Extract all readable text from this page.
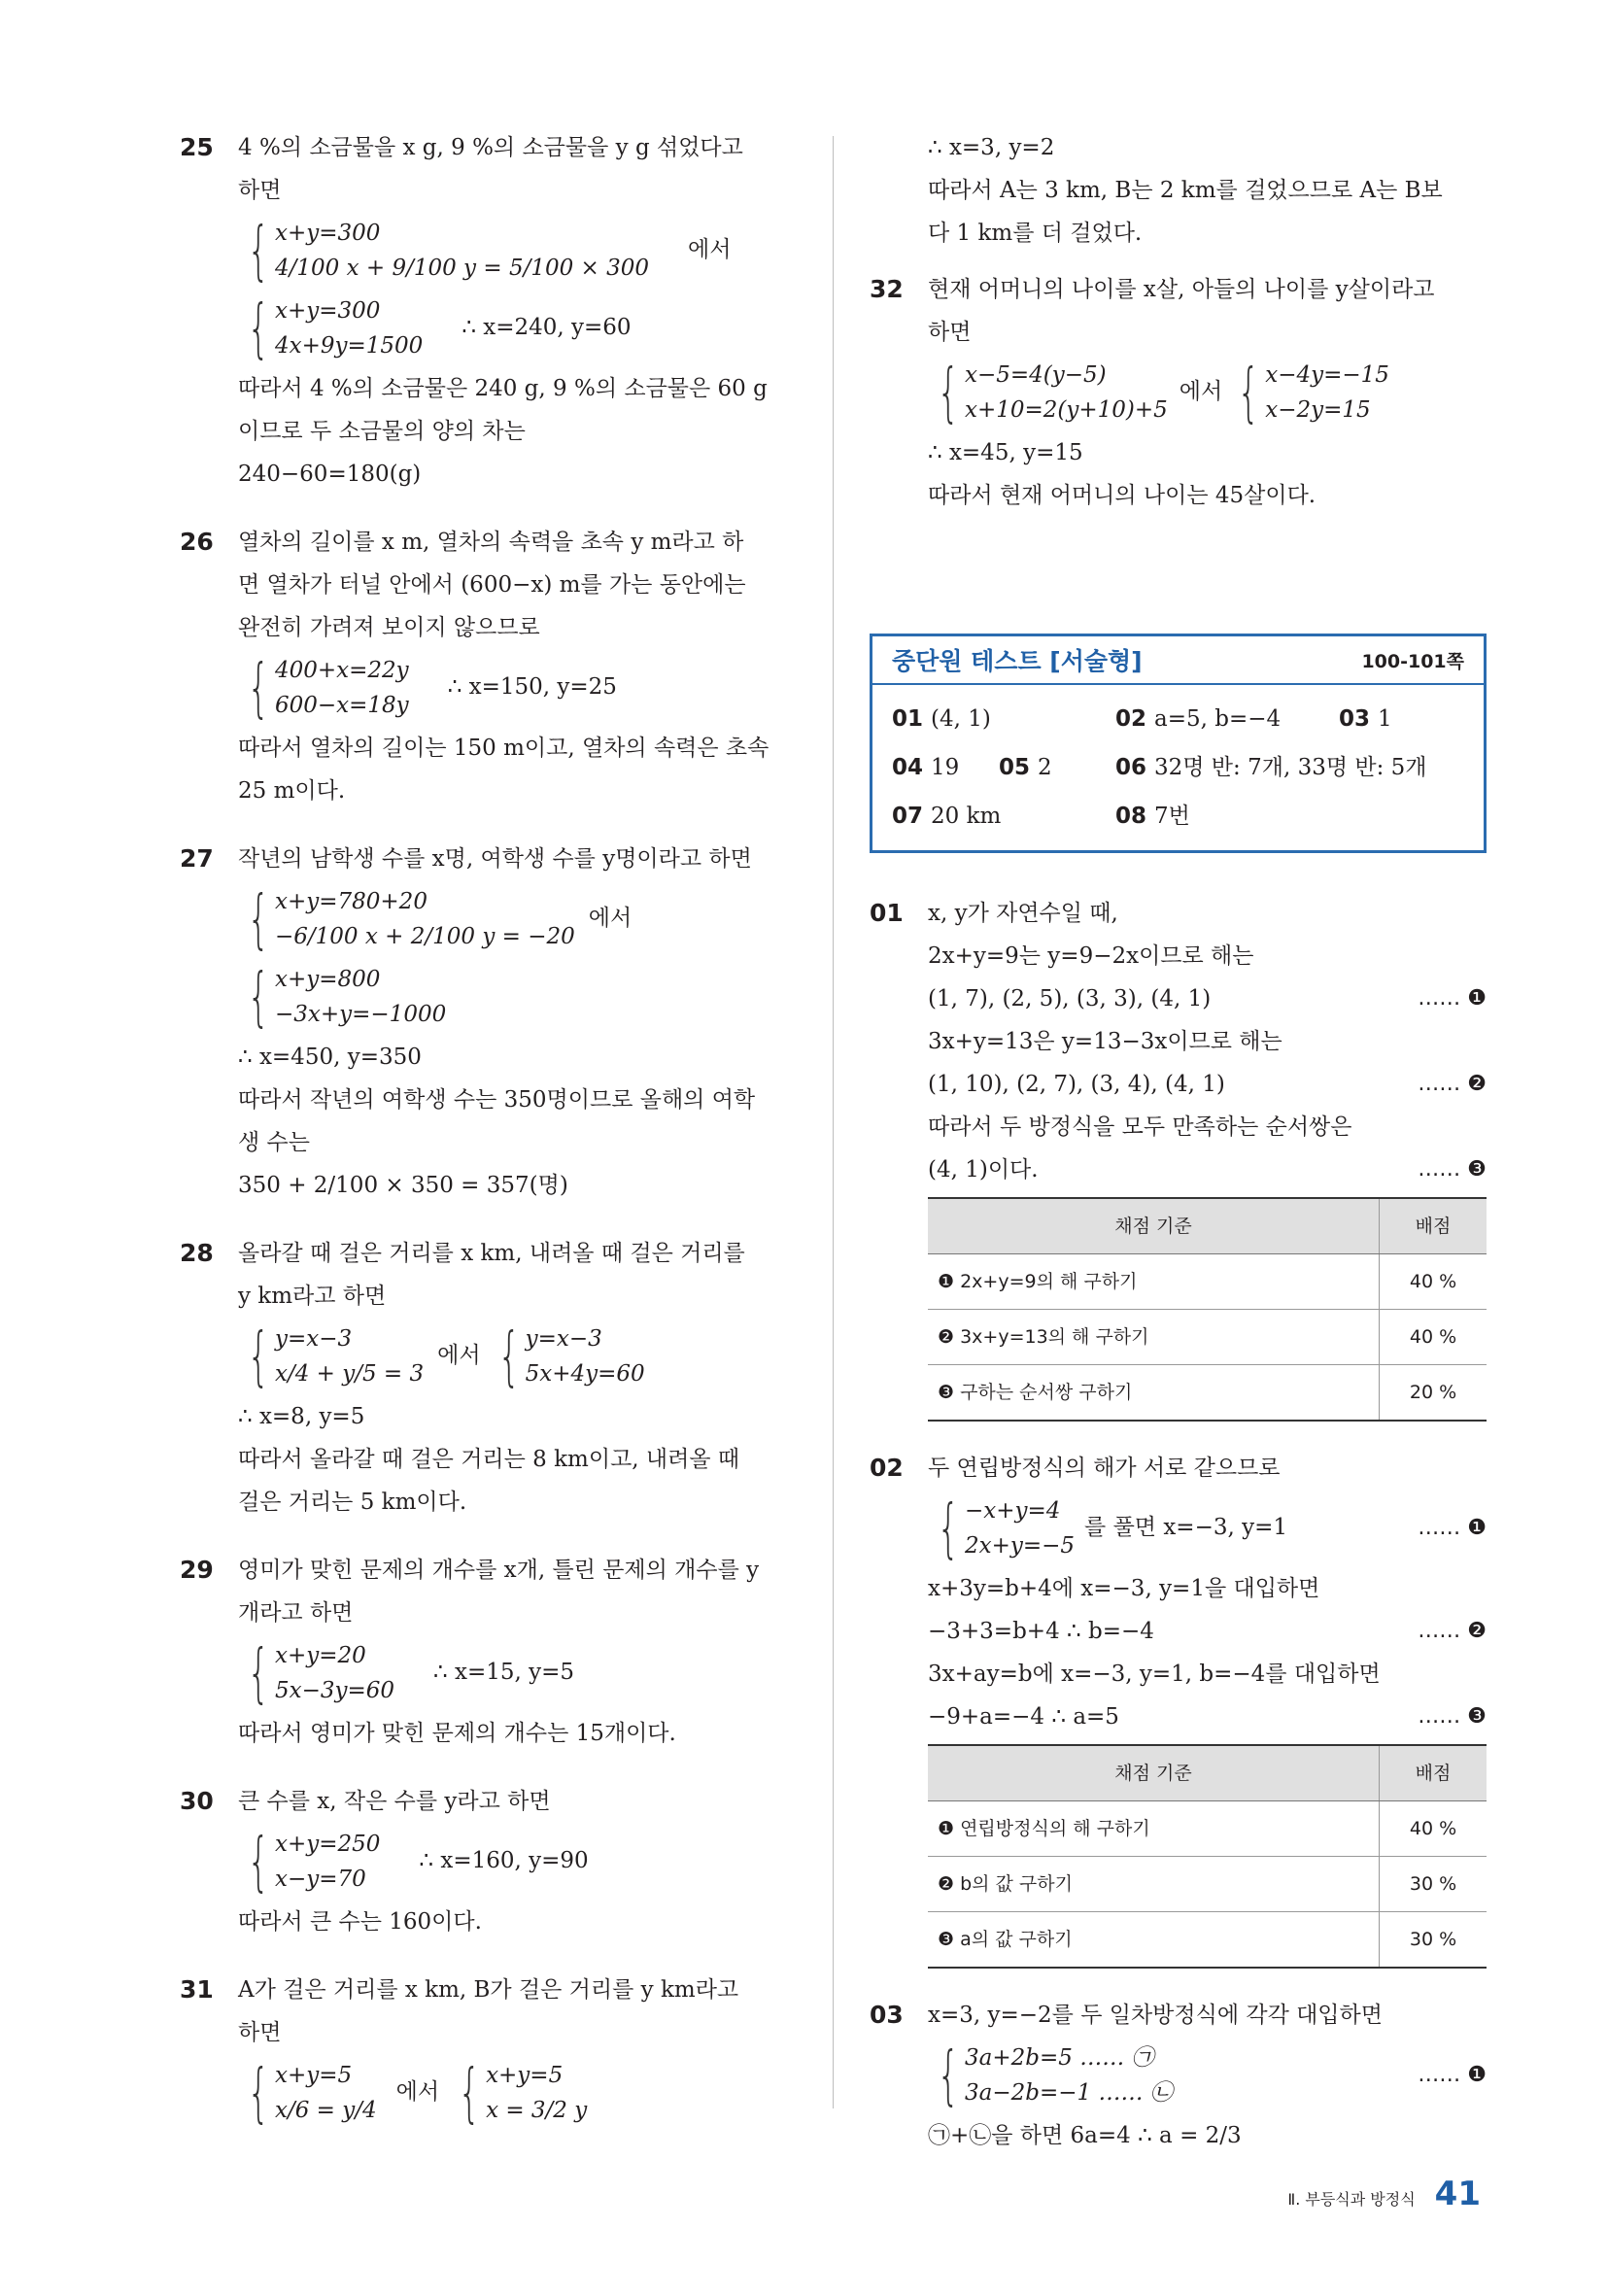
25 4 %의 소금물을 x g, 9 %의 소금물을 y g 섞었다고
하면
{ x+y=300
4/100 x + 9/100 y = 5/100 × 300
에서
{ x+y=300
4x+9y=1500
∴ x=240, y=60
따라서 4 %의 소금물은 240 g, 9 %의 소금물은 60 g
이므로 두 소금물의 양의 차는
240−60=180(g)
26 열차의 길이를 x m, 열차의 속력을 초속 y m라고 하
면 열차가 터널 안에서 (600−x) m를 가는 동안에는
완전히 가려져 보이지 않으므로
{ 400+x=22y
600−x=18y
∴ x=150, y=25
따라서 열차의 길이는 150 m이고, 열차의 속력은 초속
25 m이다.
27 작년의 남학생 수를 x명, 여학생 수를 y명이라고 하면
{ x+y=780+20
−6/100 x + 2/100 y = −20
에서
{ x+y=800
−3x+y=−1000
∴ x=450, y=350
따라서 작년의 여학생 수는 350명이므로 올해의 여학
생 수는
350 + 2/100 × 350 = 357(명)
28 올라갈 때 걸은 거리를 x km, 내려올 때 걸은 거리를
y km라고 하면
{ y=x−3
x/4 + y/5 = 3
에서 { y=x−3
5x+4y=60
∴ x=8, y=5
따라서 올라갈 때 걸은 거리는 8 km이고, 내려올 때
걸은 거리는 5 km이다.
29 영미가 맞힌 문제의 개수를 x개, 틀린 문제의 개수를 y
개라고 하면
{ x+y=20
5x−3y=60
∴ x=15, y=5
따라서 영미가 맞힌 문제의 개수는 15개이다.
30 큰 수를 x, 작은 수를 y라고 하면
{ x+y=250
x−y=70
∴ x=160, y=90
따라서 큰 수는 160이다.
31 A가 걸은 거리를 x km, B가 걸은 거리를 y km라고
하면
{ x+y=5
x/6 = y/4
에서 { x+y=5
x = 3/2 y
∴ x=3, y=2
따라서 A는 3 km, B는 2 km를 걸었으므로 A는 B보
다 1 km를 더 걸었다.
32 현재 어머니의 나이를 x살, 아들의 나이를 y살이라고
하면
{ x−5=4(y−5)
x+10=2(y+10)+5
에서 { x−4y=−15
x−2y=15
∴ x=45, y=15
따라서 현재 어머니의 나이는 45살이다.
중단원 테스트 [서술형]	100-101쪽
01 (4, 1)	02 a=5, b=−4	03 1
04 19	05 2	06 32명 반: 7개, 33명 반: 5개
07 20 km	08 7번
01 x, y가 자연수일 때,
2x+y=9는 y=9−2x이므로 해는
(1, 7), (2, 5), (3, 3), (4, 1)	…… ❶
3x+y=13은 y=13−3x이므로 해는
(1, 10), (2, 7), (3, 4), (4, 1)	…… ❷
따라서 두 방정식을 모두 만족하는 순서쌍은
(4, 1)이다.	…… ❸
채점 기준	배점
❶ 2x+y=9의 해 구하기	40 %
❷ 3x+y=13의 해 구하기	40 %
❸ 구하는 순서쌍 구하기	20 %
02 두 연립방정식의 해가 서로 같으므로
{ −x+y=4
2x+y=−5
를 풀면 x=−3, y=1	…… ❶
x+3y=b+4에 x=−3, y=1을 대입하면
−3+3=b+4 ∴ b=−4	…… ❷
3x+ay=b에 x=−3, y=1, b=−4를 대입하면
−9+a=−4 ∴ a=5	…… ❸
채점 기준	배점
❶ 연립방정식의 해 구하기	40 %
❷ b의 값 구하기	30 %
❸ a의 값 구하기	30 %
03 x=3, y=−2를 두 일차방정식에 각각 대입하면
{ 3a+2b=5 …… ㉠
3a−2b=−1 …… ㉡
…… ❶
㉠+㉡을 하면 6a=4 ∴ a = 2/3
Ⅱ. 부등식과 방정식 41
